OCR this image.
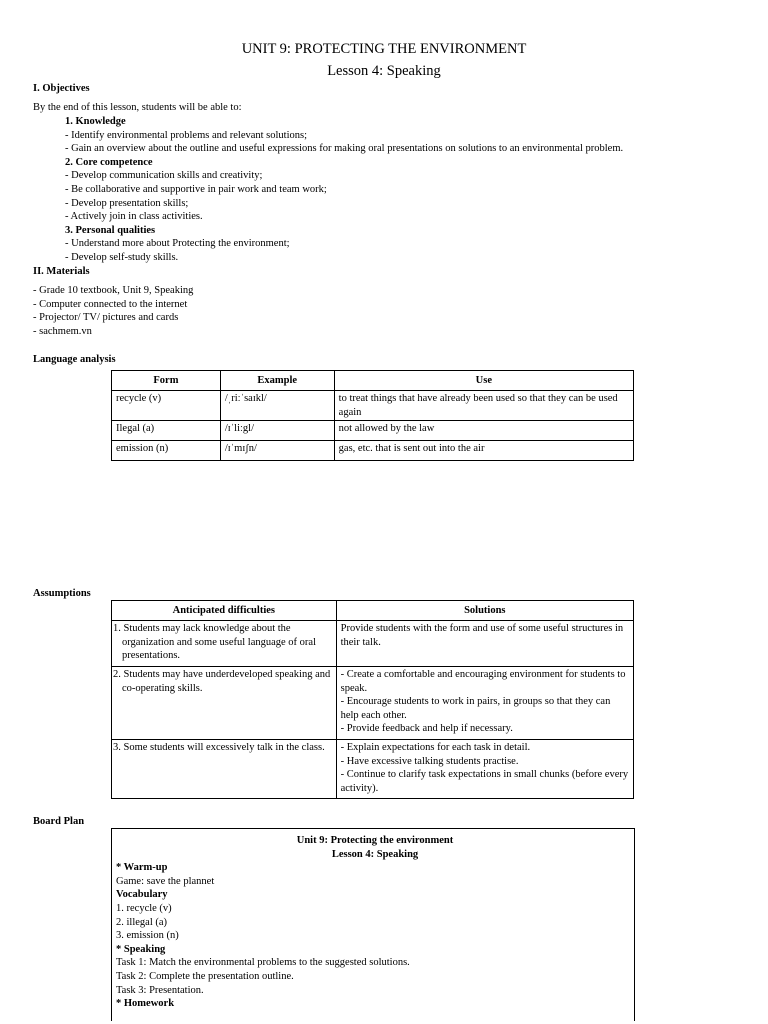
UNIT 9: PROTECTING THE ENVIRONMENT
Lesson 4: Speaking
I. Objectives
By the end of this lesson, students will be able to:
1. Knowledge
- Identify environmental problems and relevant solutions;
- Gain an overview about the outline and useful expressions for making oral presentations on solutions to an environmental problem.
2. Core competence
- Develop communication skills and creativity;
- Be collaborative and supportive in pair work and team work;
- Develop presentation skills;
- Actively join in class activities.
3. Personal qualities
- Understand more about Protecting the environment;
- Develop self-study skills.
II. Materials
- Grade 10 textbook, Unit 9, Speaking
- Computer connected to the internet
- Projector/ TV/ pictures and cards
- sachmem.vn
Language analysis
Form	Example	Use
recycle (v)	/ˌriːˈsaɪkl/	to treat things that have already been used so that they can be used again
Ilegal (a)	/ɪˈliːgl/	not allowed by the law
emission (n)	/ɪˈmɪʃn/	gas, etc. that is sent out into the air
Assumptions
Anticipated difficulties	Solutions
1. Students may lack knowledge about the organization and some useful language of oral presentations.	Provide students with the form and use of some useful structures in their talk.

2. Students may have underdeveloped speaking and co-operating skills.	- Create a comfortable and encouraging environment for students to speak.
- Encourage students to work in pairs, in groups so that they can help each other.
- Provide feedback and help if necessary.

3. Some students will excessively talk in the class.	- Explain expectations for each task in detail.
- Have excessive talking students practise.
- Continue to clarify task expectations in small chunks (before every activity).
Board Plan
Unit 9: Protecting the environment
Lesson 4: Speaking
* Warm-up
Game: save the plannet
Vocabulary
1. recycle (v)
2. illegal (a)
3. emission (n)
* Speaking
Task 1: Match the environmental problems to the suggested solutions.
Task 2: Complete the presentation outline.
Task 3: Presentation.
* Homework
